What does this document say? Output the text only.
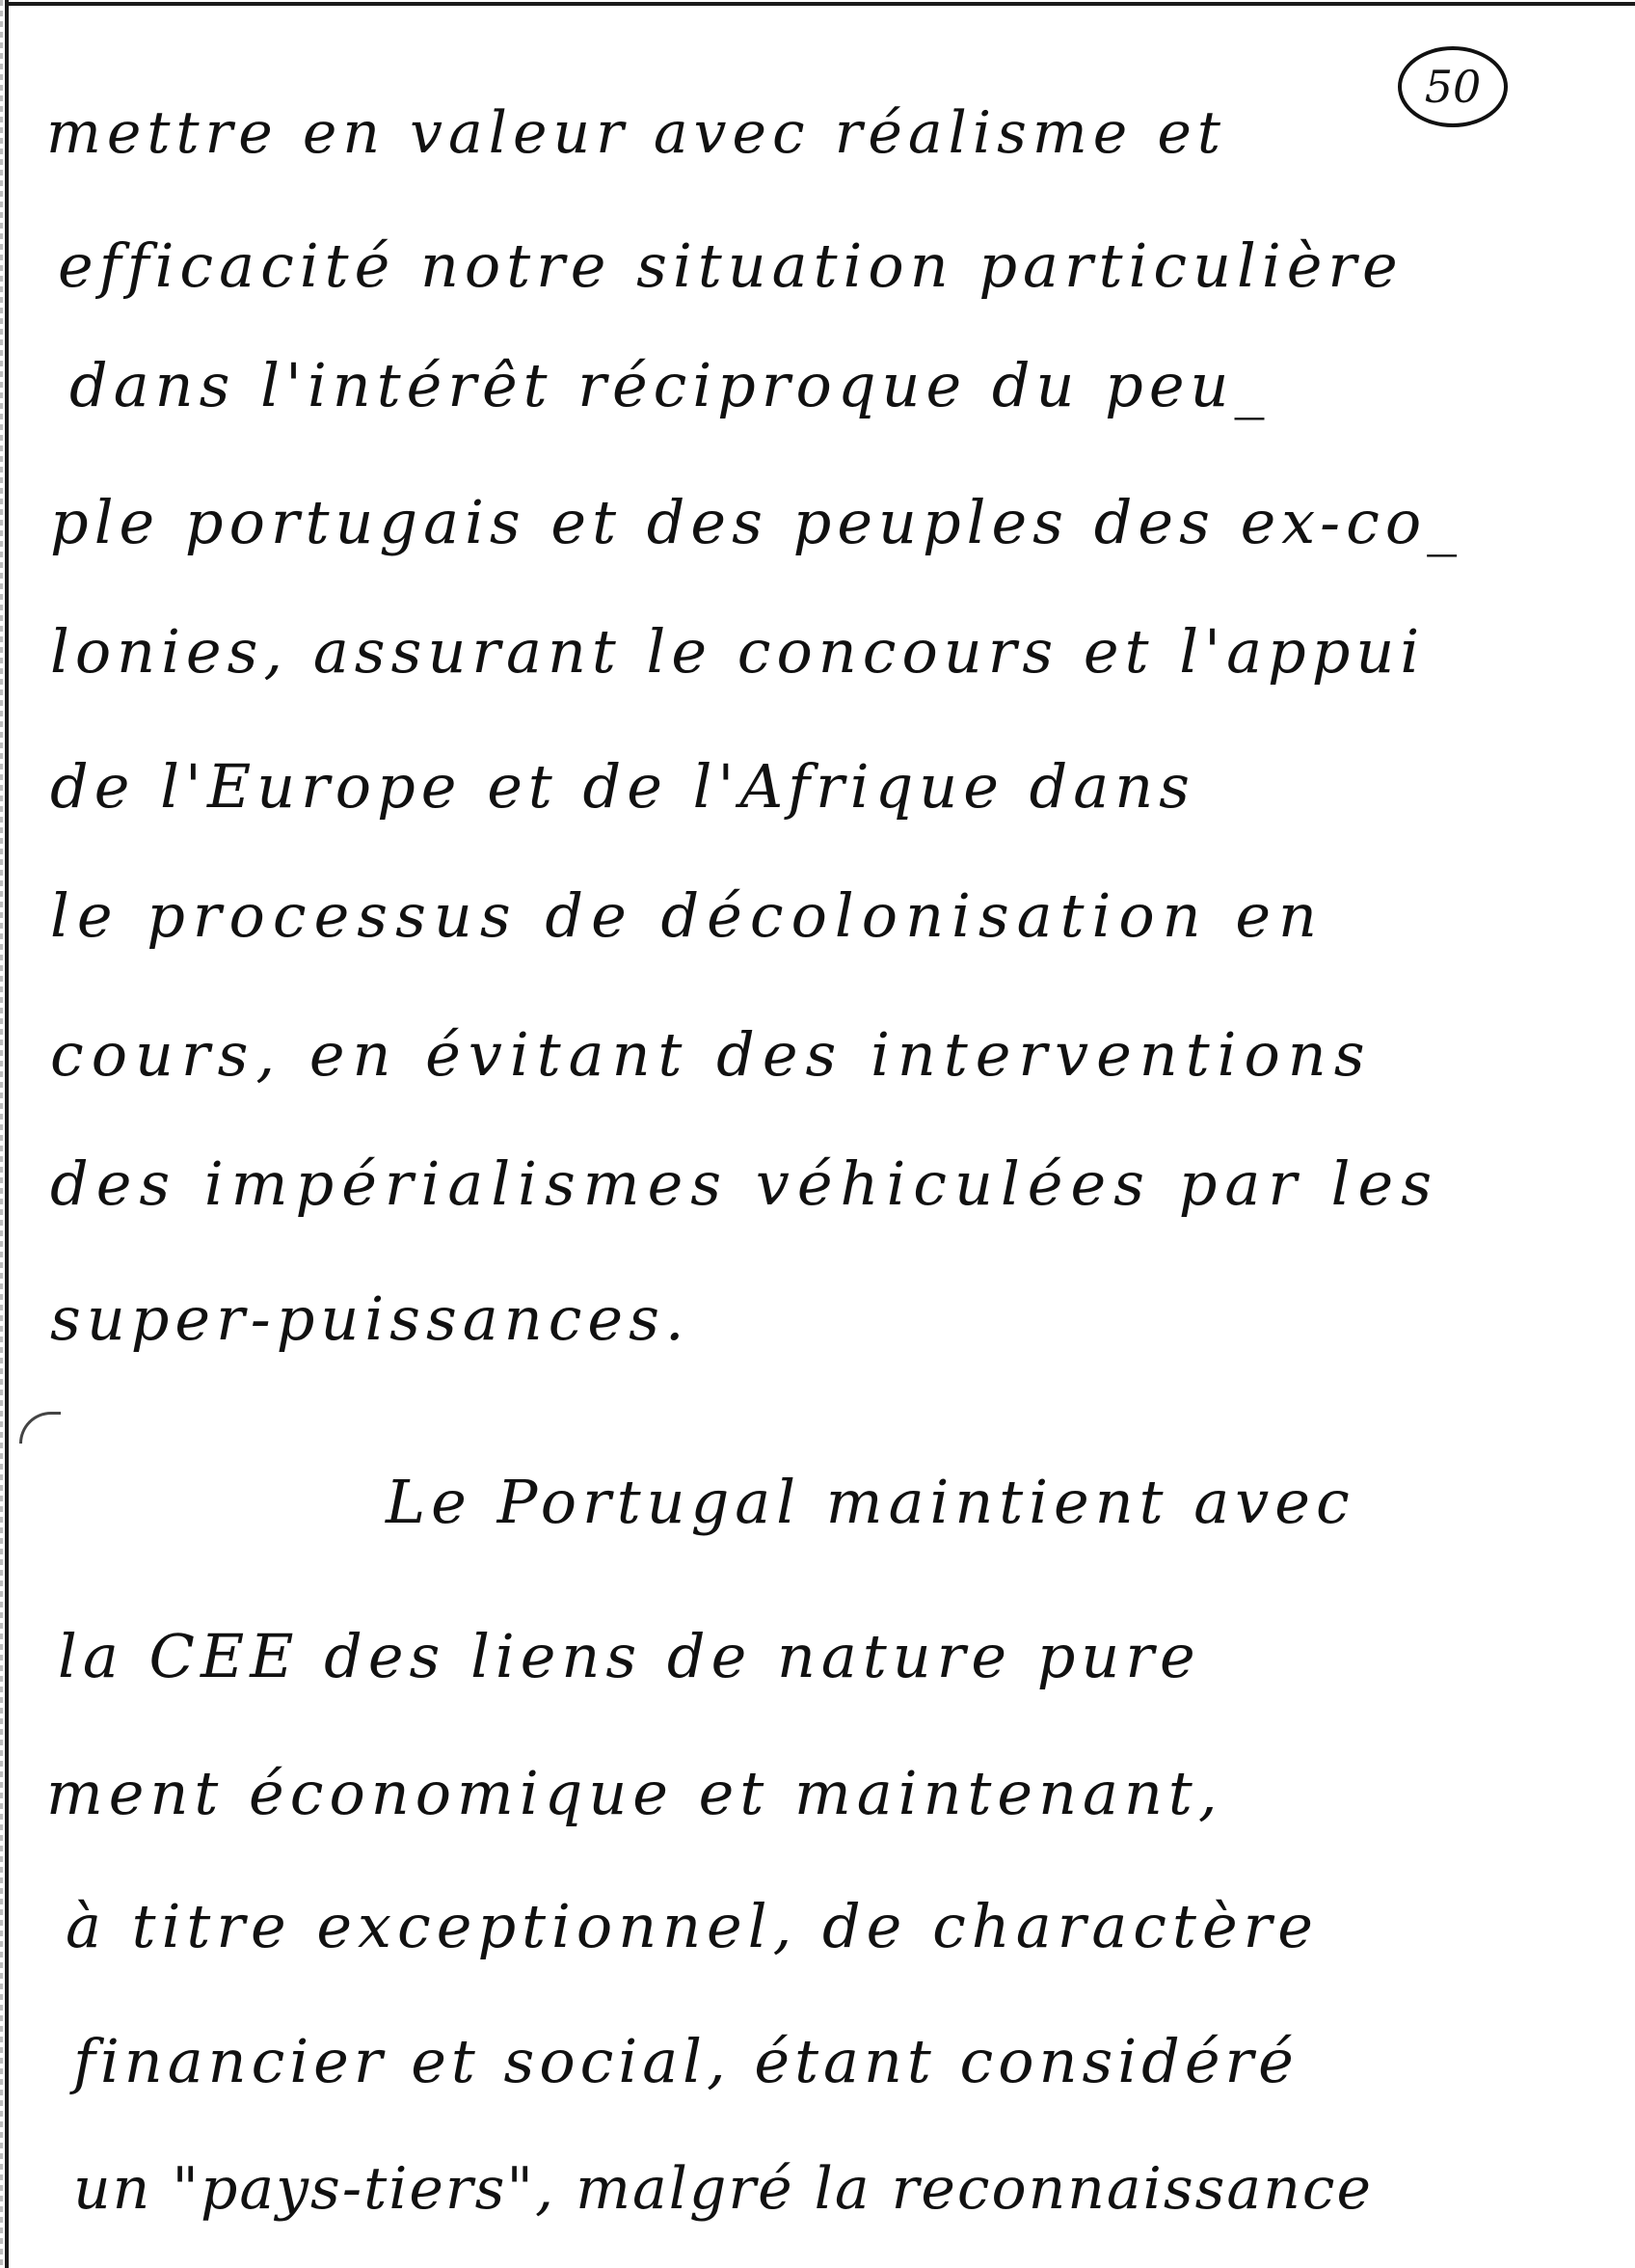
50
mettre en valeur avec réalisme et
efficacité notre situation particulière
dans l'intérêt réciproque du peu_
ple portugais et des peuples des ex-co_
lonies, assurant le concours et l'appui
de l'Europe et de l'Afrique dans
le processus de décolonisation en
cours, en évitant des interventions
des impérialismes véhiculées par les
super-puissances.
Le Portugal maintient avec
la CEE des liens de nature pure
ment économique et maintenant,
à titre exceptionnel, de charactère
financier et social, étant considéré
un "pays-tiers", malgré la reconnaissance
